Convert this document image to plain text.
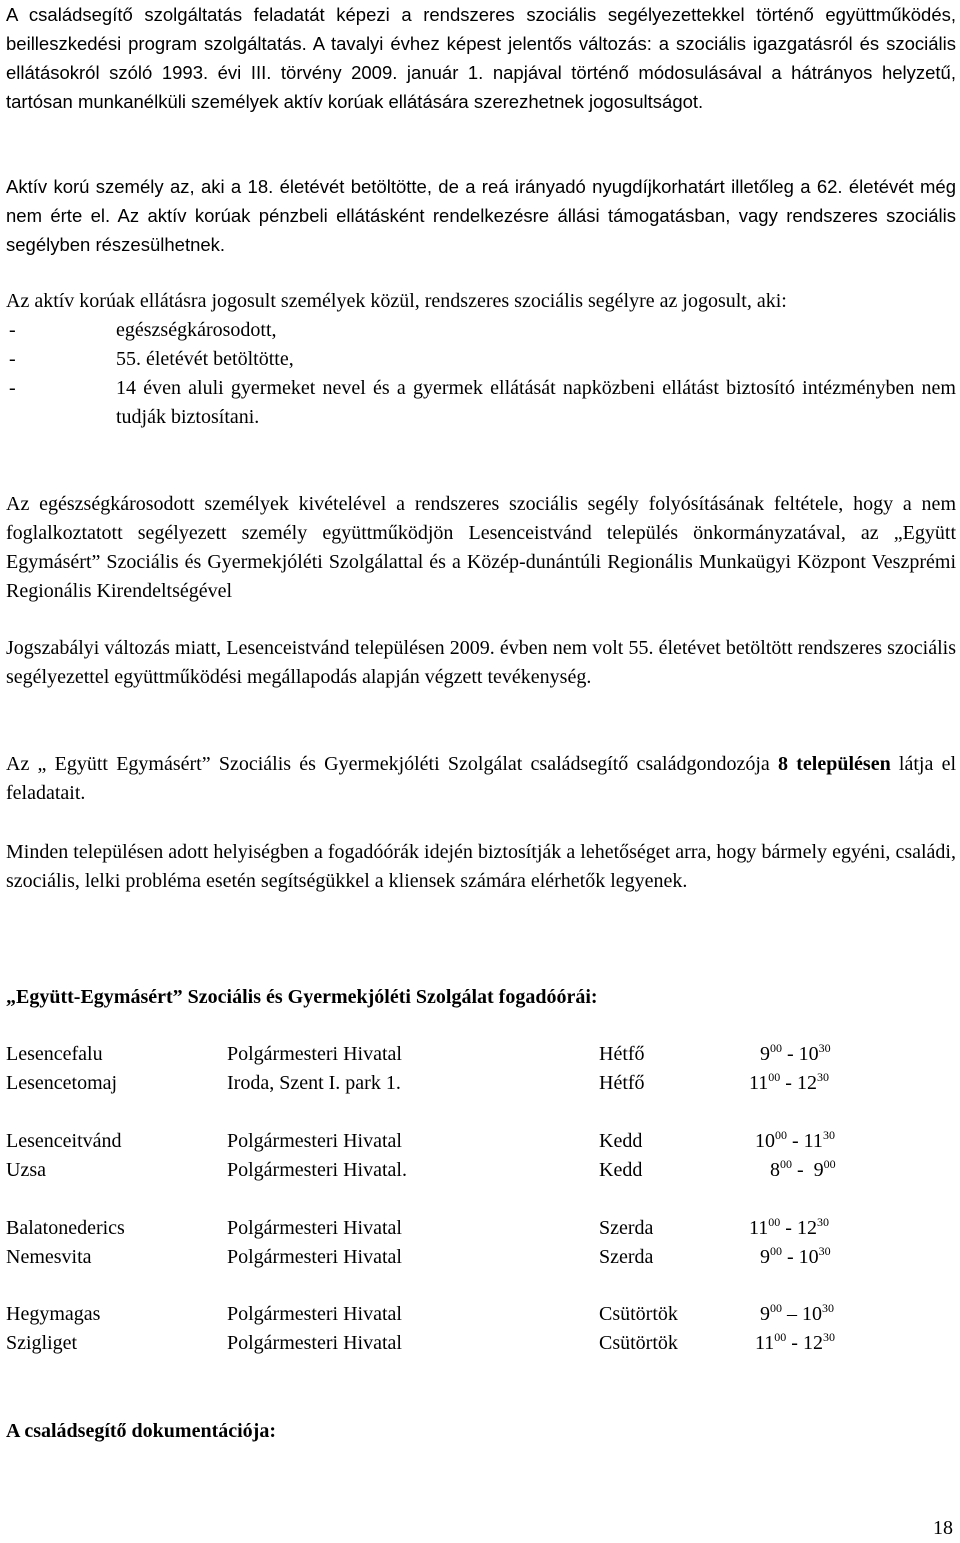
A családsegítő szolgáltatás feladatát képezi a rendszeres szociális segélyezettekkel történő együttműködés, beilleszkedési program szolgáltatás. A tavalyi évhez képest jelentős változás: a szociális igazgatásról és szociális ellátásokról szóló 1993. évi III. törvény 2009. január 1. napjával történő módosulásával a hátrányos helyzetű, tartósan munkanélküli személyek aktív korúak ellátására szerezhetnek jogosultságot.

Aktív korú személy az, aki a 18. életévét betöltötte, de a reá irányadó nyugdíjkorhatárt illetőleg a 62. életévét még nem érte el. Az aktív korúak pénzbeli ellátásként rendelkezésre állási támogatásban, vagy rendszeres szociális segélyben részesülhetnek.

Az aktív korúak ellátásra jogosult személyek közül, rendszeres szociális segélyre az jogosult, aki:

-	egészségkárosodott,
-	55. életévét betöltötte,
-	14 éven aluli gyermeket nevel és a gyermek ellátását napközbeni ellátást biztosító intézményben nem tudják biztosítani.

Az egészségkárosodott személyek kivételével a rendszeres szociális segély folyósításának feltétele, hogy a nem foglalkoztatott segélyezett személy együttműködjön Lesenceistvánd település önkormányzatával, az „Együtt Egymásért” Szociális és Gyermekjóléti Szolgálattal és a Közép-dunántúli Regionális Munkaügyi Központ Veszprémi Regionális Kirendeltségével

Jogszabályi változás miatt, Lesenceistvánd településen 2009. évben nem volt 55. életévet betöltött rendszeres szociális segélyezettel együttműködési megállapodás alapján végzett tevékenység.

Az „ Együtt Egymásért” Szociális és Gyermekjóléti Szolgálat családsegítő családgondozója 8 településen látja el feladatait.

Minden településen adott helyiségben a fogadóórák idején biztosítják a lehetőséget arra, hogy bármely egyéni, családi, szociális, lelki probléma esetén segítségükkel a kliensek számára elérhetők legyenek.

„Együtt-Egymásért” Szociális és Gyermekjóléti Szolgálat fogadóórái:

Lesencefalu	Polgármesteri Hivatal	Hétfő	$9^{00} - 10^{30}$
Lesencetomaj	Iroda, Szent I. park 1.	Hétfő	$11^{00} - 12^{30}$
Lesenceitvánd	Polgármesteri Hivatal	Kedd	$10^{00} - 11^{30}$
Uzsa	Polgármesteri Hivatal.	Kedd	$8^{00} - 9^{00}$
Balatonederics	Polgármesteri Hivatal	Szerda	$11^{00} - 12^{30}$
Nemesvita	Polgármesteri Hivatal	Szerda	$9^{00} - 10^{30}$
Hegymagas	Polgármesteri Hivatal	Csütörtök	$9^{00} - 10^{30}$
Szigliget	Polgármesteri Hivatal	Csütörtök	$11^{00} - 12^{30}$

A családsegítő dokumentációja:

18
